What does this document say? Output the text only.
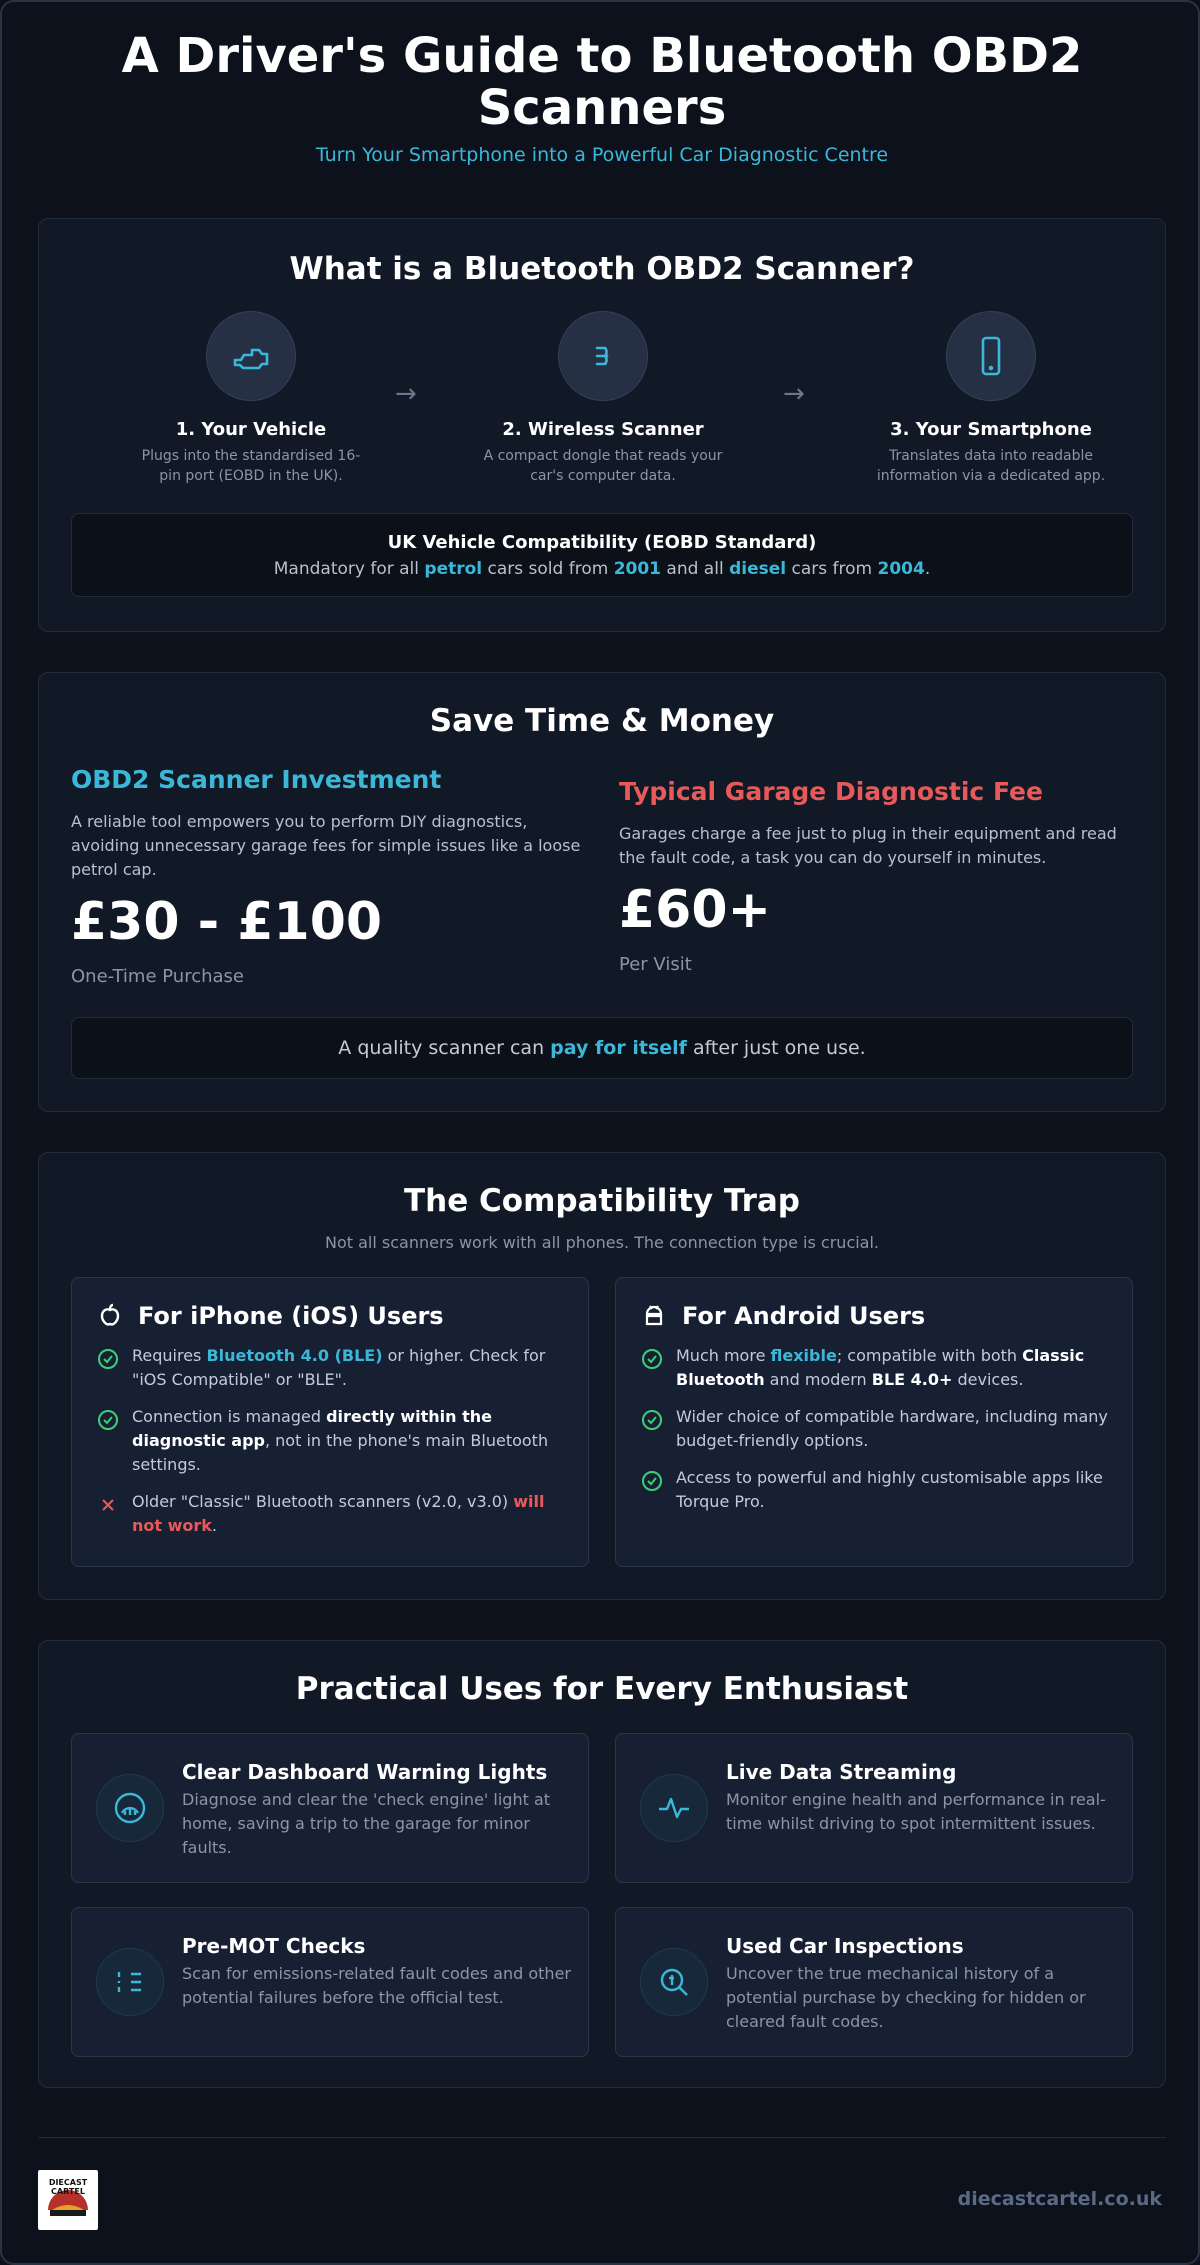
A Driver's Guide to Bluetooth OBD2 Scanners
Turn Your Smartphone into a Powerful Car Diagnostic Centre
What is a Bluetooth OBD2 Scanner?
1. Your Vehicle
Plugs into the standardised 16-pin port (EOBD in the UK).
→
2. Wireless Scanner
A compact dongle that reads your car's computer data.
→
3. Your Smartphone
Translates data into readable information via a dedicated app.
UK Vehicle Compatibility (EOBD Standard)
Mandatory for all petrol cars sold from 2001 and all diesel cars from 2004.
Save Time & Money
OBD2 Scanner Investment
A reliable tool empowers you to perform DIY diagnostics, avoiding unnecessary garage fees for simple issues like a loose petrol cap.
£30 - £100
One-Time Purchase
Typical Garage Diagnostic Fee
Garages charge a fee just to plug in their equipment and read the fault code, a task you can do yourself in minutes.
£60+
Per Visit
A quality scanner can
pay for itself
after just one use.
The Compatibility Trap
Not all scanners work with all phones. The connection type is crucial.
For iPhone (iOS) Users
Requires Bluetooth 4.0 (BLE) or higher. Check for "iOS Compatible" or "BLE".
Connection is managed directly within the diagnostic app, not in the phone's main Bluetooth settings.
Older "Classic" Bluetooth scanners (v2.0, v3.0) will not work.
For Android Users
Much more flexible; compatible with both Classic Bluetooth and modern BLE 4.0+ devices.
Wider choice of compatible hardware, including many budget-friendly options.
Access to powerful and highly customisable apps like Torque Pro.
Practical Uses for Every Enthusiast
Clear Dashboard Warning Lights
Diagnose and clear the 'check engine' light at home, saving a trip to the garage for minor faults.
Live Data Streaming
Monitor engine health and performance in real-time whilst driving to spot intermittent issues.
Pre-MOT Checks
Scan for emissions-related fault codes and other potential failures before the official test.
Used Car Inspections
Uncover the true mechanical history of a potential purchase by checking for hidden or cleared fault codes.
DIECAST CARTEL	diecastcartel.co.uk
